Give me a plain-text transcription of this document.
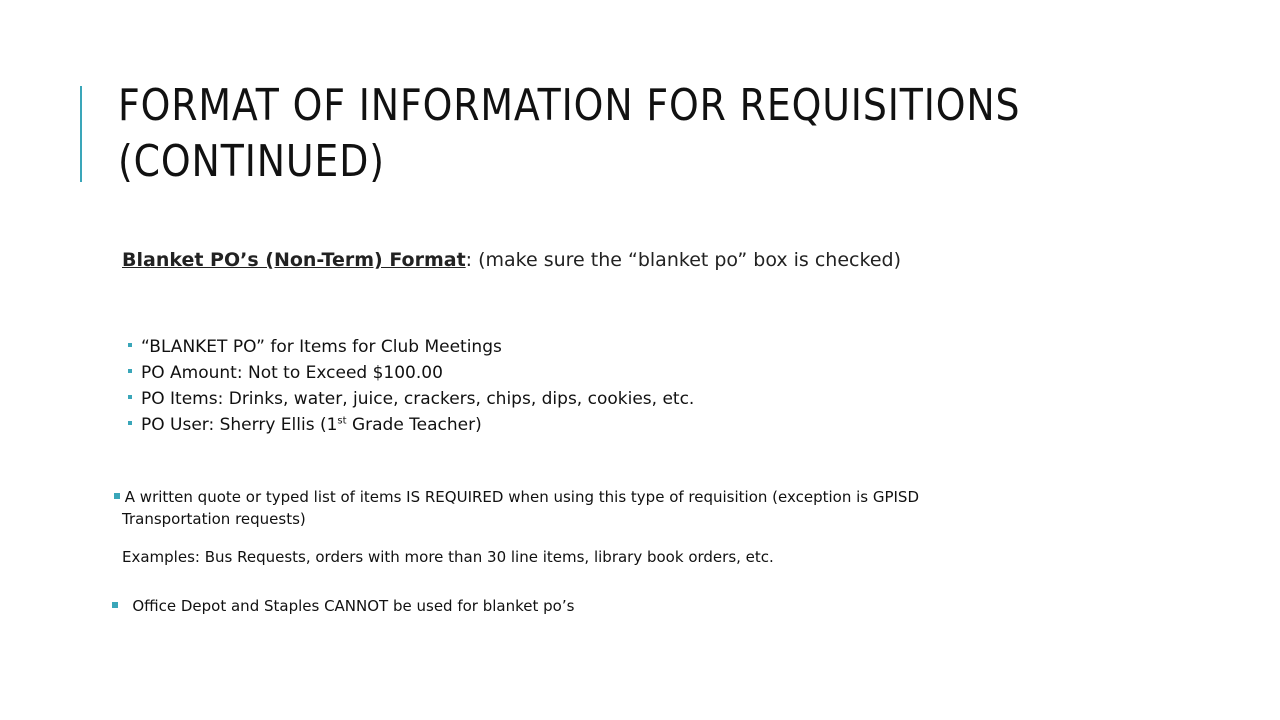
FORMAT OF INFORMATION FOR REQUISITIONS
(CONTINUED)
Blanket PO’s (Non-Term) Format: (make sure the “blanket po” box is checked)
“BLANKET PO” for Items for Club Meetings
PO Amount: Not to Exceed $100.00
PO Items: Drinks, water, juice, crackers, chips, dips, cookies, etc.
PO User: Sherry Ellis (1st Grade Teacher)
A written quote or typed list of items IS REQUIRED when using this type of requisition (exception is GPISD
Transportation requests)
Examples: Bus Requests, orders with more than 30 line items, library book orders, etc.
Office Depot and Staples CANNOT be used for blanket po’s
